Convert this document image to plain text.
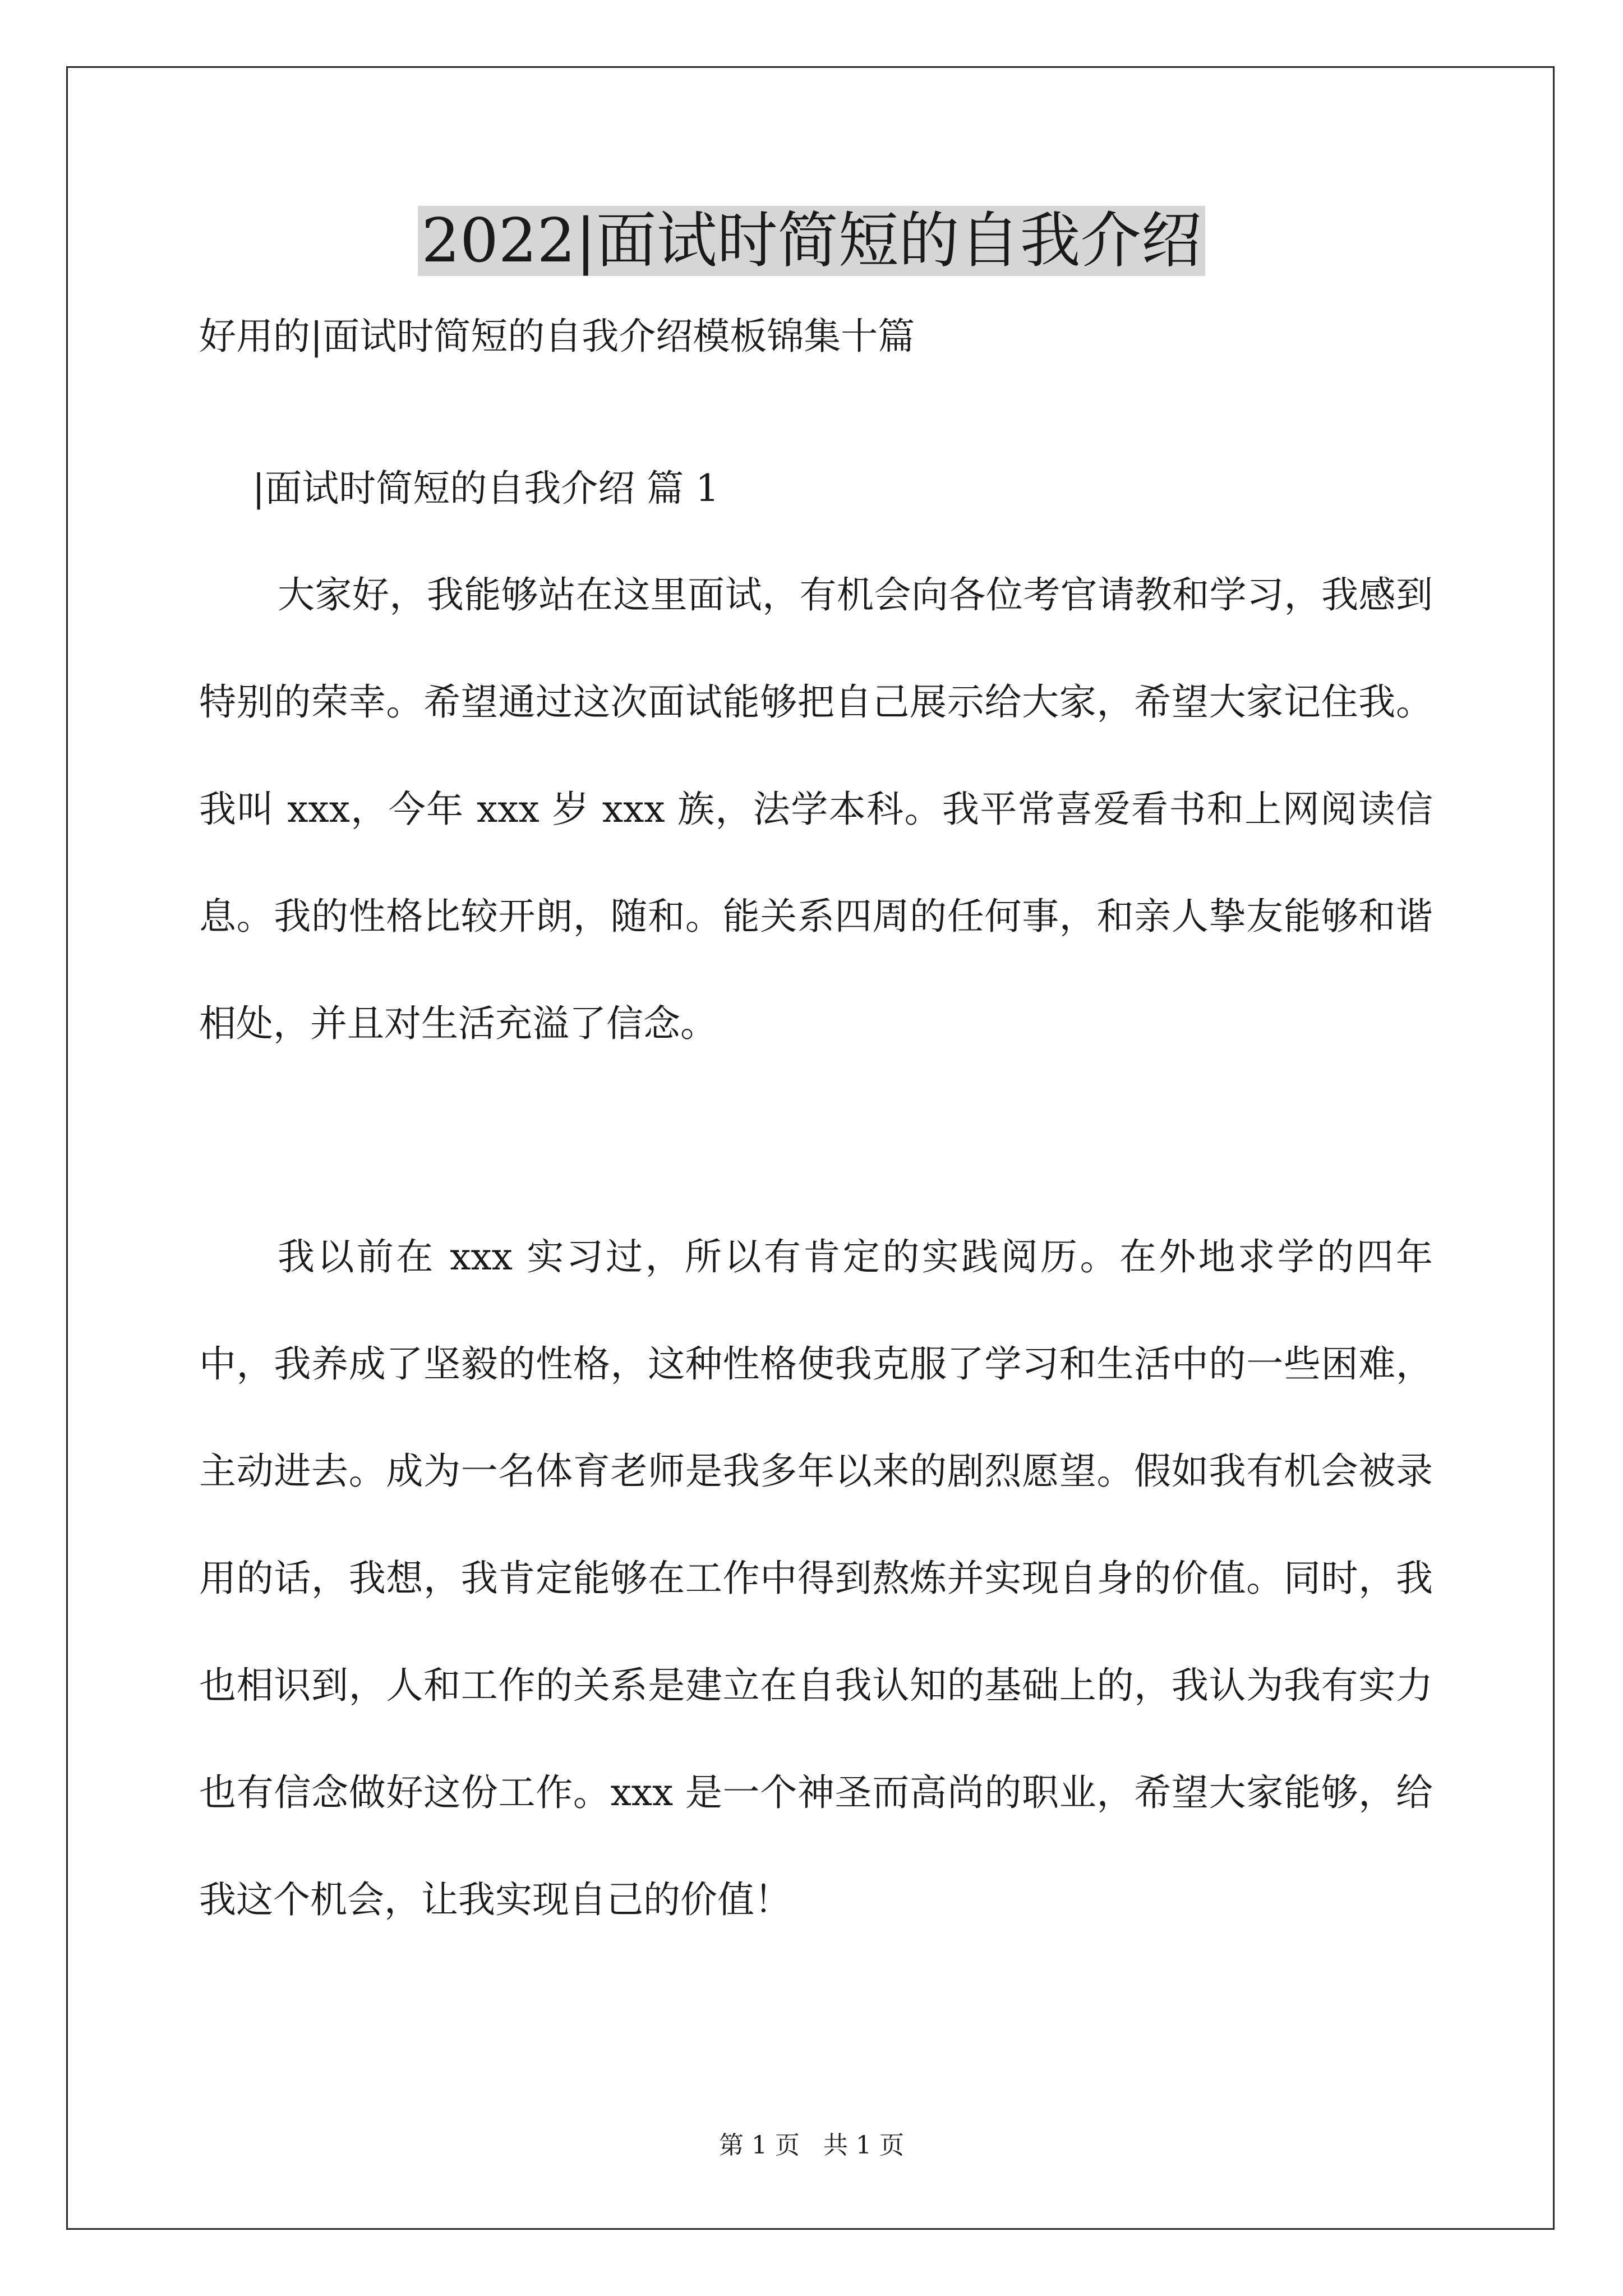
2022|面试时简短的自我介绍
好用的|面试时简短的自我介绍模板锦集十篇
|面试时简短的自我介绍 篇 1

大家好，我能够站在这里面试，有机会向各位考官请教和学习，我感到特别的荣幸。希望通过这次面试能够把自己展示给大家，希望大家记住我。我叫 xxx，今年 xxx 岁 xxx 族，法学本科。我平常喜爱看书和上网阅读信息。我的性格比较开朗，随和。能关系四周的任何事，和亲人挚友能够和谐相处，并且对生活充溢了信念。

我以前在 xxx 实习过，所以有肯定的实践阅历。在外地求学的四年中，我养成了坚毅的性格，这种性格使我克服了学习和生活中的一些困难，主动进去。成为一名体育老师是我多年以来的剧烈愿望。假如我有机会被录用的话，我想，我肯定能够在工作中得到熬炼并实现自身的价值。同时，我也相识到，人和工作的关系是建立在自我认知的基础上的，我认为我有实力也有信念做好这份工作。xxx 是一个神圣而高尚的职业，希望大家能够，给我这个机会，让我实现自己的价值！

第 1 页   共 1 页
